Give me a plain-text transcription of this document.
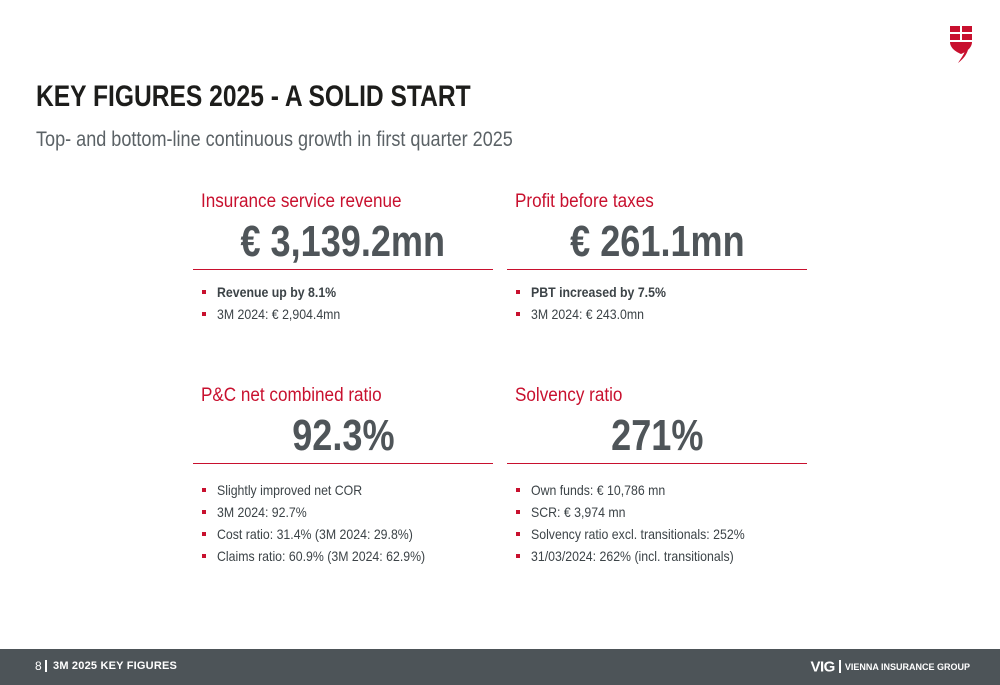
KEY FIGURES 2025 - A SOLID START
Top- and bottom-line continuous growth in first quarter 2025
Insurance service revenue
€ 3,139.2mn
Revenue up by 8.1%
3M 2024: € 2,904.4mn
Profit before taxes
€ 261.1mn
PBT increased by 7.5%
3M 2024: € 243.0mn
P&C net combined ratio
92.3%
Slightly improved net COR
3M 2024: 92.7%
Cost ratio: 31.4% (3M 2024: 29.8%)
Claims ratio: 60.9% (3M 2024: 62.9%)
Solvency ratio
271%
Own funds: € 10,786 mn
SCR: € 3,974 mn
Solvency ratio excl. transitionals: 252%
31/03/2024: 262% (incl. transitionals)
8 3M 2025 KEY FIGURES	VIG VIENNA INSURANCE GROUP
